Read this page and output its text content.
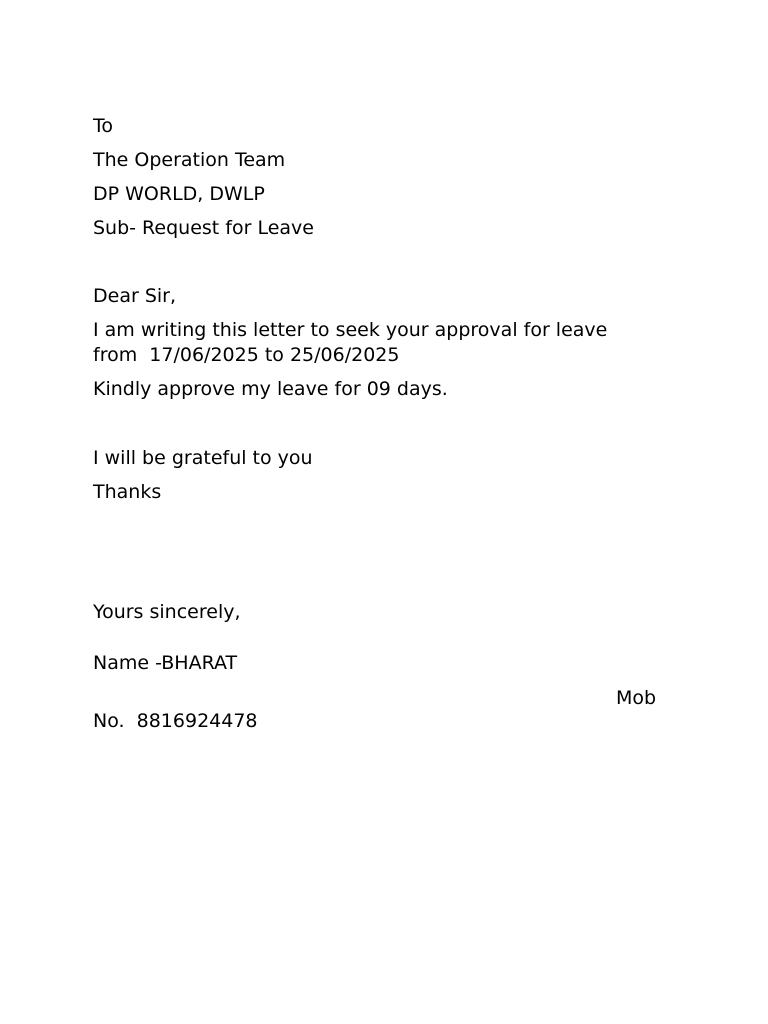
To
The Operation Team
DP WORLD, DWLP
Sub- Request for Leave
Dear Sir,
I am writing this letter to seek your approval for leave
from  17/06/2025 to 25/06/2025
Kindly approve my leave for 09 days.
I will be grateful to you
Thanks
Yours sincerely,
Name -BHARAT
Mob
No.  8816924478
